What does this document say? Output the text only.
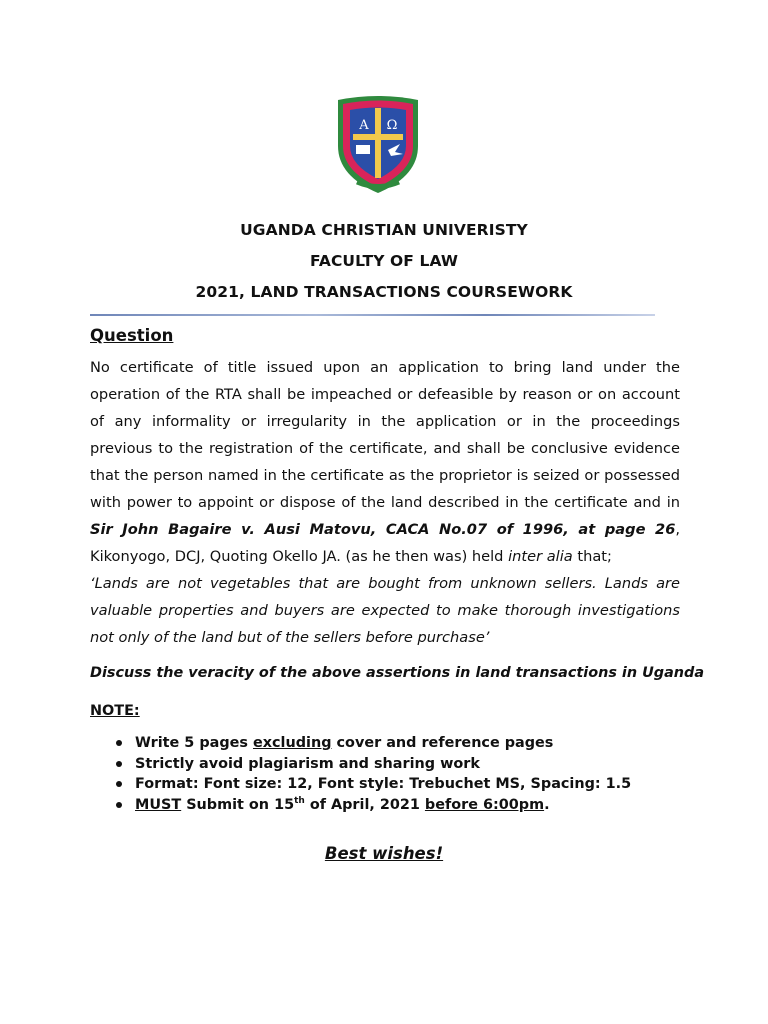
A Ω
UGANDA CHRISTIAN UNIVERISTY
FACULTY OF LAW
2021, LAND TRANSACTIONS COURSEWORK
Question

No certificate of title issued upon an application to bring land under the operation of the RTA shall be impeached or defeasible by reason or on account of any informality or irregularity in the application or in the proceedings previous to the registration of the certificate, and shall be conclusive evidence that the person named in the certificate as the proprietor is seized or possessed with power to appoint or dispose of the land described in the certificate and in Sir John Bagaire v. Ausi Matovu, CACA No.07 of 1996, at page 26, Kikonyogo, DCJ, Quoting Okello JA. (as he then was) held inter alia that;

‘Lands are not vegetables that are bought from unknown sellers. Lands are valuable properties and buyers are expected to make thorough investigations not only of the land but of the sellers before purchase’

Discuss the veracity of the above assertions in land transactions in Uganda
NOTE:
Write 5 pages excluding cover and reference pages
Strictly avoid plagiarism and sharing work
Format: Font size: 12, Font style: Trebuchet MS, Spacing: 1.5
MUST Submit on 15th of April, 2021 before 6:00pm.
Best wishes!
